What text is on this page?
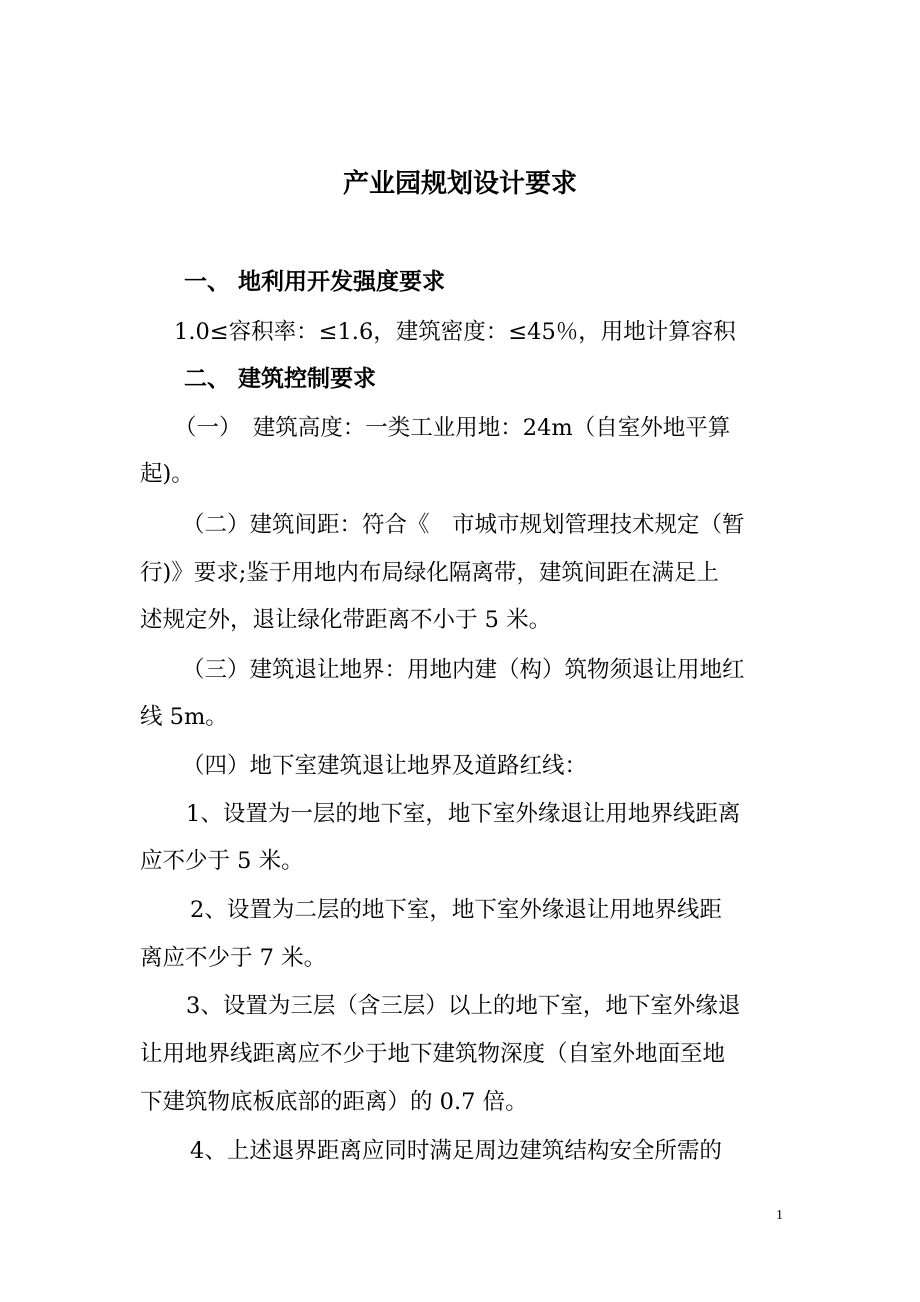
产业园规划设计要求
一、 地利用开发强度要求
1.0≤容积率：≤1.6，建筑密度：≤45％，用地计算容积
二、 建筑控制要求
（一）　建筑高度：一类工业用地：24m（自室外地平算
起)。
（二）建筑间距：符合《　市城市规划管理技术规定（暂
行)》要求;鉴于用地内布局绿化隔离带，建筑间距在满足上
述规定外，退让绿化带距离不小于 5 米。
（三）建筑退让地界：用地内建（构）筑物须退让用地红
线 5m。
（四）地下室建筑退让地界及道路红线：
1、设置为一层的地下室，地下室外缘退让用地界线距离
应不少于 5 米。
2、设置为二层的地下室，地下室外缘退让用地界线距
离应不少于 7 米。
3、设置为三层（含三层）以上的地下室，地下室外缘退
让用地界线距离应不少于地下建筑物深度（自室外地面至地
下建筑物底板底部的距离）的 0.7 倍。
4、上述退界距离应同时满足周边建筑结构安全所需的
1
